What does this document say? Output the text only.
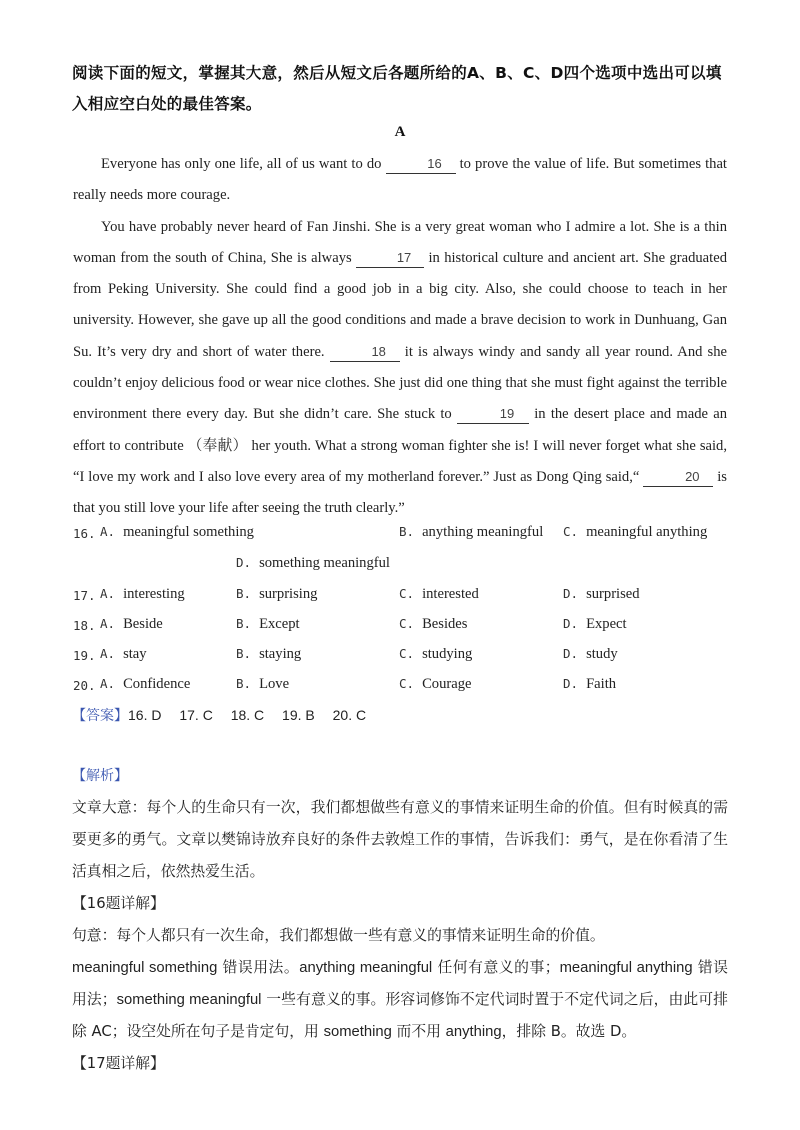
阅读下面的短文，掌握其大意，然后从短文后各题所给的A、B、C、D四个选项中选出可以填入相应空白处的最佳答案。
A

Everyone has only one life, all of us want to do	16 to prove the value of life. But sometimes that really needs more courage.

You have probably never heard of Fan Jinshi. She is a very great woman who I admire a lot. She is a thin woman from the south of China, She is always	17 in historical culture and ancient art. She graduated from Peking University. She could find a good job in a big city. Also, she could choose to teach in her university. However, she gave up all the good conditions and made a brave decision to work in Dunhuang, Gan Su. It’s very dry and short of water there.	18 it is always windy and sandy all year round. And she couldn’t enjoy delicious food or wear nice clothes. She just did one thing that she must fight against the terrible environment there every day. But she didn’t care. She stuck to	19 in the desert place and made an effort to contribute （奉献） her youth. What a strong woman fighter she is! I will never forget what she said, “I love my work and I also love every area of my motherland forever.” Just as Dong Qing said,“	20 is that you still love your life after seeing the truth clearly.”

16. A. meaningful something	B. anything meaningful C. meaningful anything
D. something meaningful
17. A. interesting	B. surprising	C. interested	D. surprised
18. A. Beside	B. Except	C. Besides	D. Expect
19. A. stay	B. staying	C. studying	D. study
20. A. Confidence	B. Love	C. Courage	D. Faith
【答案】16. D　 17. C　 18. C　 19. B　 20. C

【解析】

文章大意：每个人的生命只有一次，我们都想做些有意义的事情来证明生命的价值。但有时候真的需要更多的勇气。文章以樊锦诗放弃良好的条件去敦煌工作的事情，告诉我们：勇气，是在你看清了生活真相之后，依然热爱生活。

【16题详解】

句意：每个人都只有一次生命，我们都想做一些有意义的事情来证明生命的价值。

meaningful something 错误用法。anything meaningful 任何有意义的事；meaningful anything 错误用法；something meaningful 一些有意义的事。形容词修饰不定代词时置于不定代词之后，由此可排除 AC；设空处所在句子是肯定句，用 something 而不用 anything，排除 B。故选 D。

【17题详解】
